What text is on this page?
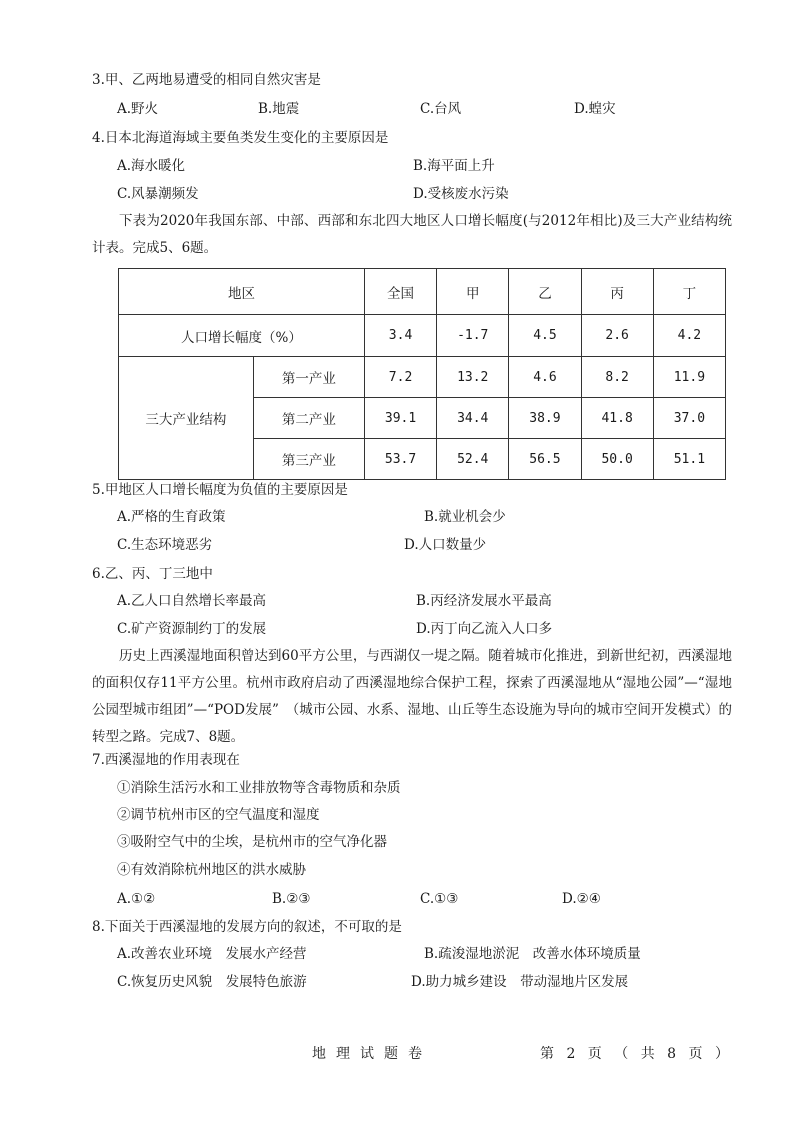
3.甲、乙两地易遭受的相同自然灾害是
A.野火	B.地震	C.台风	D.蝗灾
4.日本北海道海域主要鱼类发生变化的主要原因是
A.海水暖化	B.海平面上升
C.风暴潮频发	D.受核废水污染
下表为2020年我国东部、中部、西部和东北四大地区人口增长幅度(与2012年相比)及三大产业结构统计表。完成5、6题。
地区		全国	甲	乙	丙	丁
人口增长幅度（%）		3.4	-1.7	4.5	2.6	4.2
三大产业结构	第一产业	7.2	13.2	4.6	8.2	11.9
	第二产业	39.1	34.4	38.9	41.8	37.0
	第三产业	53.7	52.4	56.5	50.0	51.1
5.甲地区人口增长幅度为负值的主要原因是
A.严格的生育政策	B.就业机会少
C.生态环境恶劣	D.人口数量少
6.乙、丙、丁三地中
A.乙人口自然增长率最高	B.丙经济发展水平最高
C.矿产资源制约丁的发展	D.丙丁向乙流入人口多
历史上西溪湿地面积曾达到60平方公里，与西湖仅一堤之隔。随着城市化推进，到新世纪初，西溪湿地的面积仅存11平方公里。杭州市政府启动了西溪湿地综合保护工程，探索了西溪湿地从“湿地公园”—“湿地公园型城市组团”—“POD发展”　（城市公园、水系、湿地、山丘等生态设施为导向的城市空间开发模式）的转型之路。完成7、8题。
7.西溪湿地的作用表现在
①消除生活污水和工业排放物等含毒物质和杂质
②调节杭州市区的空气温度和湿度
③吸附空气中的尘埃，是杭州市的空气净化器
④有效消除杭州地区的洪水威胁
A.①②	B.②③	C.①③	D.②④
8.下面关于西溪湿地的发展方向的叙述，不可取的是
A.改善农业环境　发展水产经营	B.疏浚湿地淤泥　改善水体环境质量
C.恢复历史风貌　发展特色旅游	D.助力城乡建设　带动湿地片区发展
地理试题卷	第 2 页 （ 共 8 页 ）
